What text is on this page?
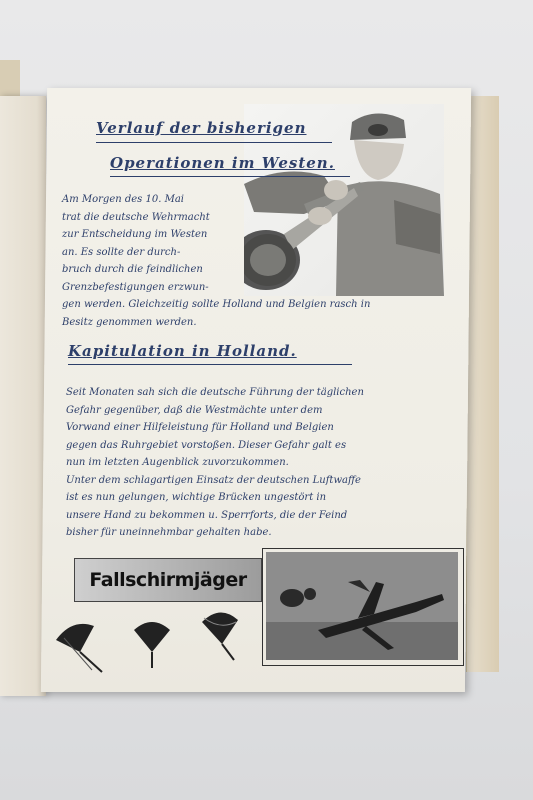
Verlauf der bisherigen
Operationen im Westen.
Am Morgen des 10. Mai
trat die deutsche Wehrmacht
zur Entscheidung im Westen
an. Es sollte der durch-
bruch durch die feindlichen
Grenzbefestigungen erzwun-
gen werden. Gleichzeitig sollte Holland und Belgien rasch in
Besitz genommen werden.
Kapitulation in Holland.
Seit Monaten sah sich die deutsche Führung der täglichen
Gefahr gegenüber, daß die Westmächte unter dem
Vorwand einer Hilfeleistung für Holland und Belgien
gegen das Ruhrgebiet vorstoßen. Dieser Gefahr galt es
nun im letzten Augenblick zuvorzukommen.
Unter dem schlagartigen Einsatz der deutschen Luftwaffe
ist es nun gelungen, wichtige Brücken ungestört in
unsere Hand zu bekommen u. Sperrforts, die der Feind
bisher für uneinnehmbar gehalten habe.
Fallschirmjäger
